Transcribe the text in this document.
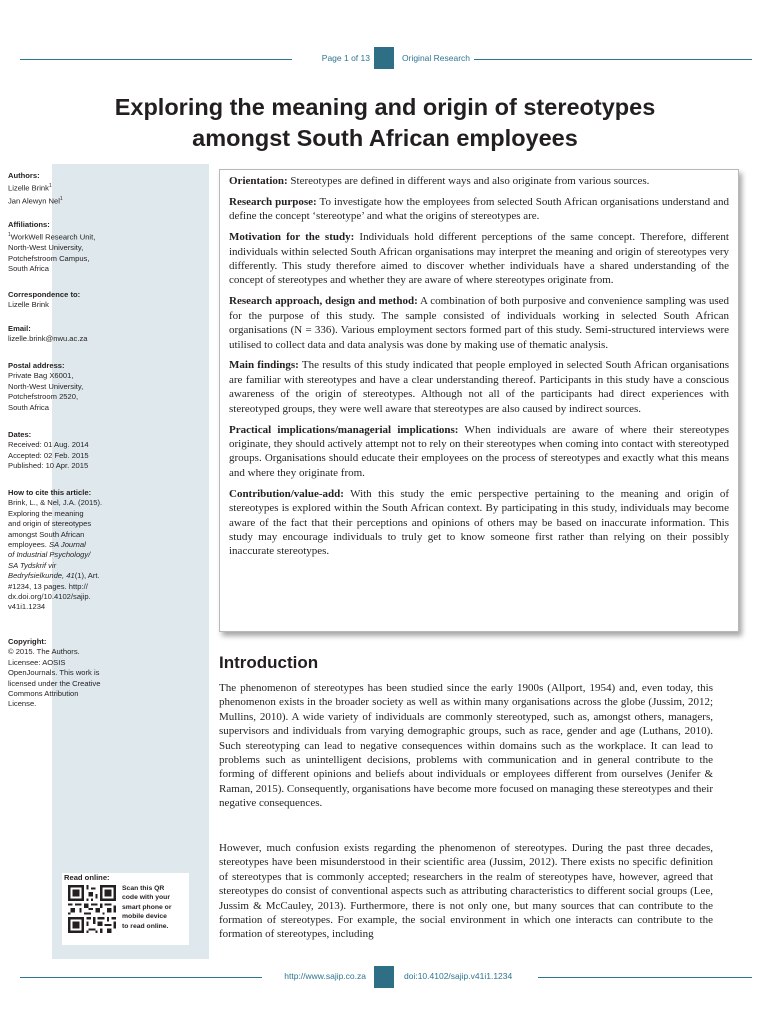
Page 1 of 13	Original Research
Exploring the meaning and origin of stereotypes
amongst South African employees
Authors:
Lizelle Brink$^1$
Jan Alewyn Nel$^1$
Affiliations:
$^1$WorkWell Research Unit,
North-West University,
Potchefstroom Campus,
South Africa
Correspondence to:
Lizelle Brink
Email:
lizelle.brink@nwu.ac.za
Postal address:
Private Bag X6001,
North-West University,
Potchefstroom 2520,
South Africa
Dates:
Received: 01 Aug. 2014
Accepted: 02 Feb. 2015
Published: 10 Apr. 2015
How to cite this article:
Brink, L., & Nel, J.A. (2015).
Exploring the meaning
and origin of stereotypes
amongst South African
employees. SA Journal
of Industrial Psychology/
SA Tydskrif vir
Bedryfsielkunde, 41(1), Art.
#1234, 13 pages. http://
dx.doi.org/10.4102/sajip.
v41i1.1234
Copyright:
© 2015. The Authors.
Licensee: AOSIS
OpenJournals. This work is
licensed under the Creative
Commons Attribution
License.
Read online:
Scan this QR
code with your
smart phone or
mobile device
to read online.

Orientation: Stereotypes are defined in different ways and also originate from various sources.

Research purpose: To investigate how the employees from selected South African organisations understand and define the concept ‘stereotype’ and what the origins of stereotypes are.

Motivation for the study: Individuals hold different perceptions of the same concept. Therefore, different individuals within selected South African organisations may interpret the meaning and origin of stereotypes very differently. This study therefore aimed to discover whether individuals have a shared understanding of the concept of stereotypes and whether they are aware of where stereotypes originate from.

Research approach, design and method: A combination of both purposive and convenience sampling was used for the purpose of this study. The sample consisted of individuals working in selected South African organisations (N = 336). Various employment sectors formed part of this study. Semi-structured interviews were utilised to collect data and data analysis was done by making use of thematic analysis.

Main findings: The results of this study indicated that people employed in selected South African organisations are familiar with stereotypes and have a clear understanding thereof. Participants in this study have a conscious awareness of the origin of stereotypes. Although not all of the participants had direct experiences with stereotyped groups, they were well aware that stereotypes are also caused by indirect sources.

Practical implications/managerial implications: When individuals are aware of where their stereotypes originate, they should actively attempt not to rely on their stereotypes when coming into contact with stereotyped groups. Organisations should educate their employees on the process of stereotypes and exactly what this means and where they originate from.

Contribution/value-add: With this study the emic perspective pertaining to the meaning and origin of stereotypes is explored within the South African context. By participating in this study, individuals may become aware of the fact that their perceptions and opinions of others may be based on inaccurate information. This study may encourage individuals to truly get to know someone first rather than relying on their possibly inaccurate stereotypes.

Introduction

The phenomenon of stereotypes has been studied since the early 1900s (Allport, 1954) and, even today, this phenomenon exists in the broader society as well as within many organisations across the globe (Jussim, 2012; Mullins, 2010). A wide variety of individuals are commonly stereotyped, such as, amongst others, managers, supervisors and individuals from varying demographic groups, such as race, gender and age (Luthans, 2010). Such stereotyping can lead to negative consequences within domains such as the workplace. It can lead to problems such as unintelligent decisions, problems with communication and in general contribute to the forming of different opinions and beliefs about individuals or employees different from ourselves (Jenifer & Raman, 2015). Consequently, organisations have become more focused on managing these stereotypes and their negative consequences.

However, much confusion exists regarding the phenomenon of stereotypes. During the past three decades, stereotypes have been misunderstood in their scientific area (Jussim, 2012). There exists no specific definition of stereotypes that is commonly accepted; researchers in the realm of stereotypes have, however, agreed that stereotypes do consist of conventional aspects such as attributing characteristics to different social groups (Lee, Jussim & McCauley, 2013). Furthermore, there is not only one, but many sources that can contribute to the formation of stereotypes. For example, the social environment in which one interacts can contribute to the formation of stereotypes, including

http://www.sajip.co.za	doi:10.4102/sajip.v41i1.1234
